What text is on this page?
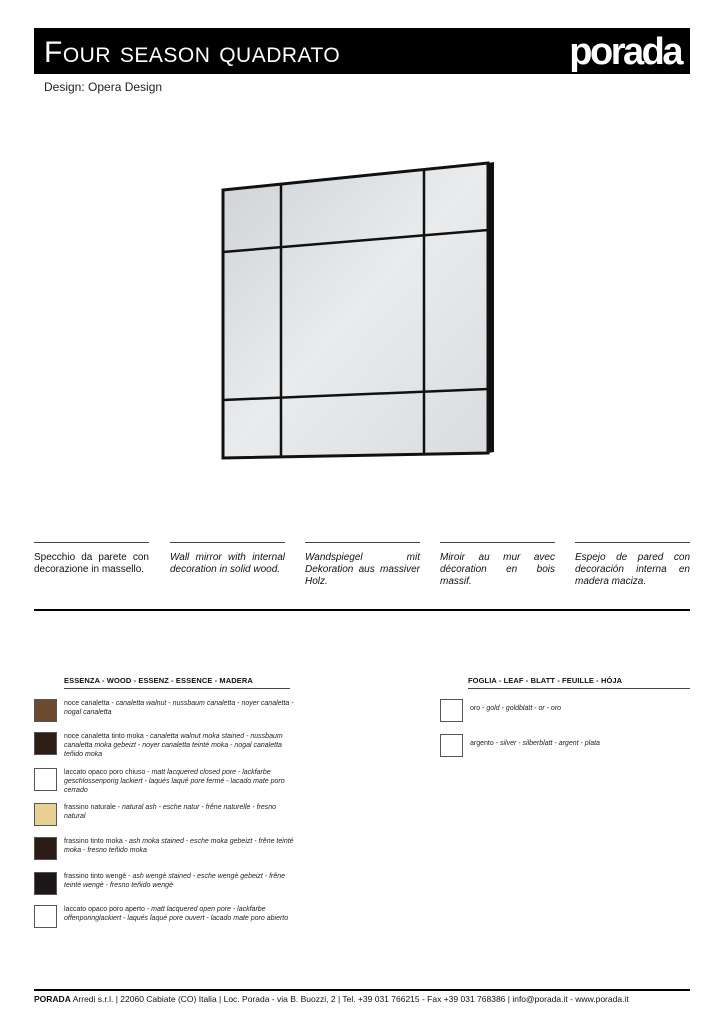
Four season quadrato	porada
Design: Opera Design
Specchio da parete con decorazione in massello.
Wall mirror with internal decoration in solid wood.
Wandspiegel mit Dekoration aus massiver Holz.
Miroir au mur avec décoration en bois massif.
Espejo de pared con decoración interna en madera maciza.
ESSENZA - WOOD - ESSENZ - ESSENCE - MADERA	FOGLIA - LEAF - BLATT - FEUILLE - HÓJA
noce canaletta - canaletta walnut - nussbaum canaletta - noyer canaletta - nogal canaletta
noce canaletta tinto moka - canaletta walnut moka stained - nussbaum canaletta moka gebeizt - noyer canaletta teinté moka - nogal canaletta teñido moka
laccato opaco poro chiuso - matt lacquered closed pore - lackfarbe geschlossenporig lackiert - laqués laqué pore fermé - lacado mate poro cerrado
frassino naturale - natural ash - esche natur - frêne naturelle - fresno natural
frassino tinto moka - ash moka stained - esche moka gebeizt - frêne teinté moka - fresno teñido moka
frassino tinto wengè - ash wengè stained - esche wengè gebeizt - frêne teinté wengè - fresno teñido wengè
laccato opaco poro aperto - matt lacquered open pore - lackfarbe offenporinglackiert - laqués laqué pore ouvert - lacado mate poro abierto
oro - gold - goldblatt - or - oro
argento - silver - silberblatt - argent - plata
PORADA Arredi s.r.l. | 22060 Cabiate (CO) Italia | Loc. Porada - via B. Buozzi, 2 | Tel. +39 031 766215 - Fax +39 031 768386 | info@porada.it - www.porada.it
